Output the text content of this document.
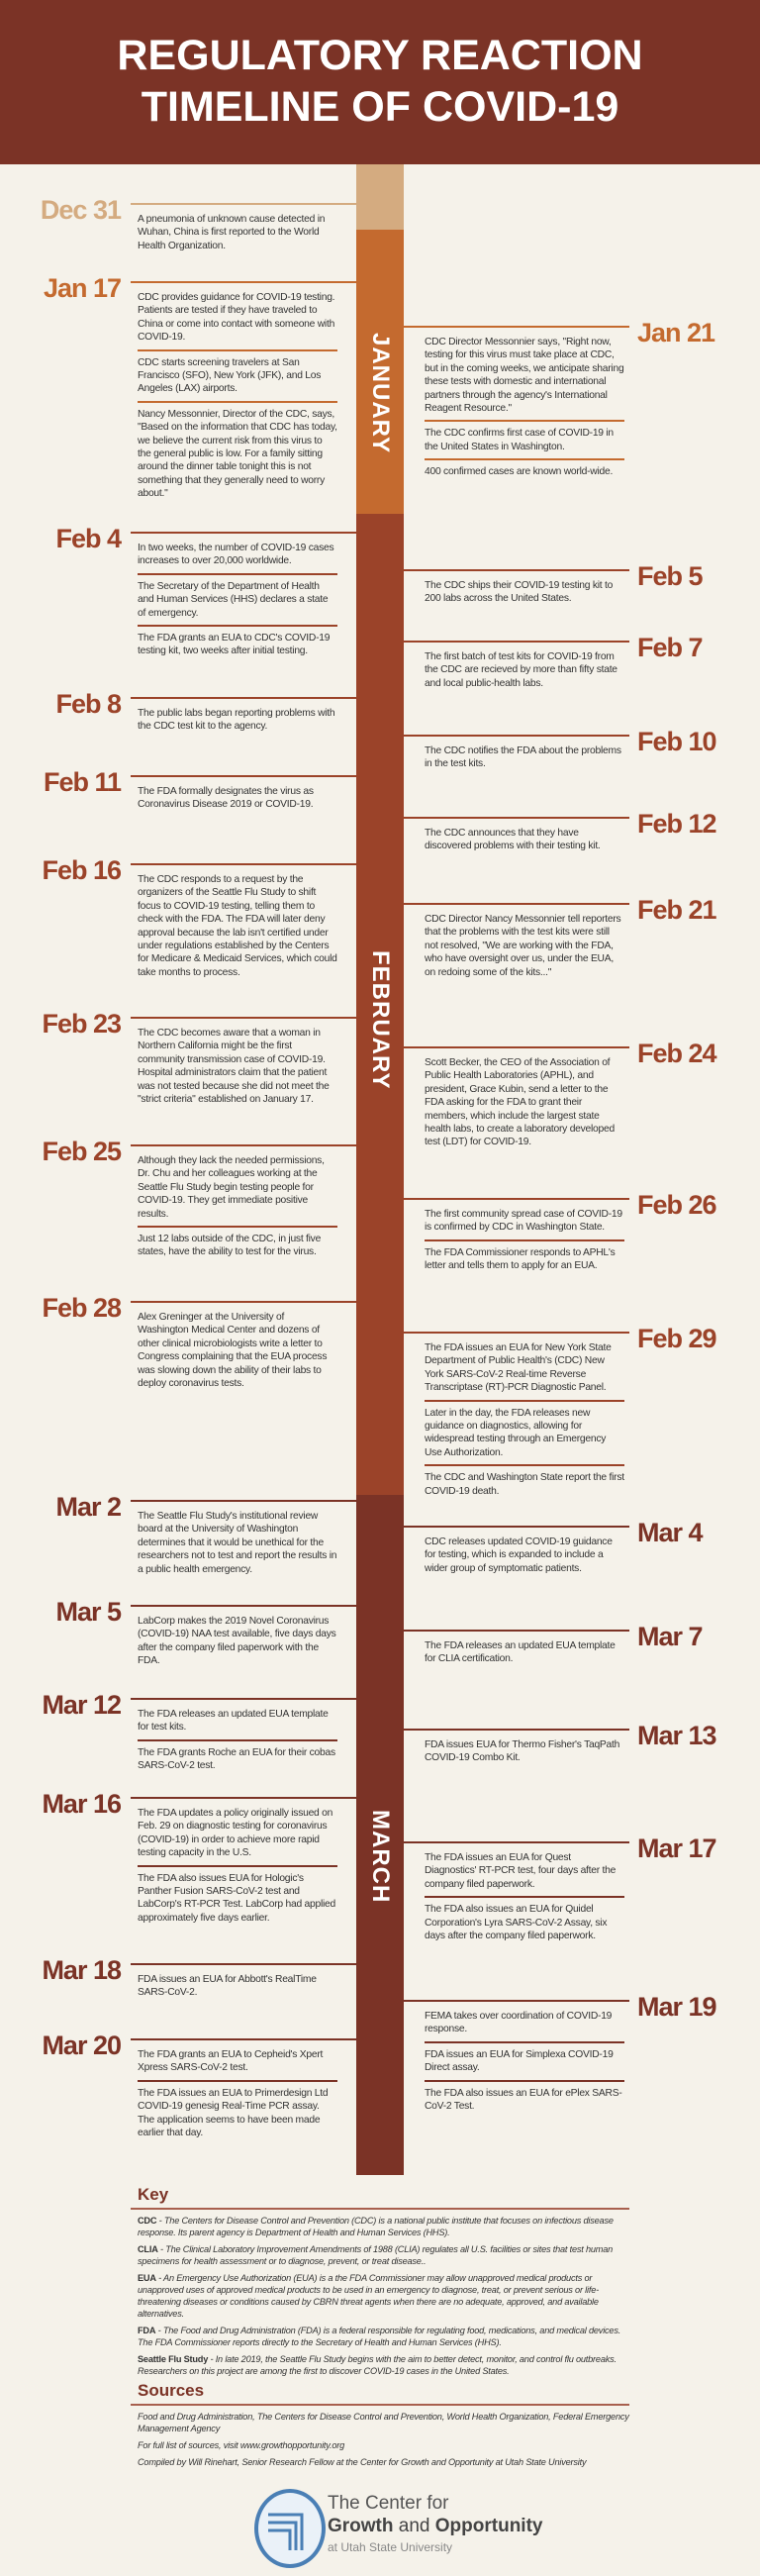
REGULATORY REACTION
TIMELINE OF COVID-19
JANUARY
FEBRUARY
MARCH
Dec 31 A pneumonia of unknown cause detected in Wuhan, China is first reported to the World Health Organization.
Jan 17 CDC provides guidance for COVID-19 testing. Patients are tested if they have traveled to China or come into contact with someone with COVID-19.
CDC starts screening travelers at San Francisco (SFO), New York (JFK), and Los Angeles (LAX) airports.
Nancy Messonnier, Director of the CDC, says, "Based on the information that CDC has today, we believe the current risk from this virus to the general public is low. For a family sitting around the dinner table tonight this is not something that they generally need to worry about."
Jan 21
CDC Director Messonnier says, "Right now, testing for this virus must take place at CDC, but in the coming weeks, we anticipate sharing these tests with domestic and international partners through the agency's International Reagent Resource."
The CDC confirms first case of COVID-19 in the United States in Washington.
400 confirmed cases are known world-wide.
Feb 4 In two weeks, the number of COVID-19 cases increases to over 20,000 worldwide.
The Secretary of the Department of Health and Human Services (HHS) declares a state of emergency.
The FDA grants an EUA to CDC's COVID-19 testing kit, two weeks after initial testing.
Feb 5
The CDC ships their COVID-19 testing kit to 200 labs across the United States.
Feb 7
The first batch of test kits for COVID-19 from the CDC are recieved by more than fifty state and local public-health labs.
Feb 8 The public labs began reporting problems with the CDC test kit to the agency.
Feb 10
The CDC notifies the FDA about the problems in the test kits.
Feb 11 The FDA formally designates the virus as Coronavirus Disease 2019 or COVID-19.
Feb 12
The CDC announces that they have discovered problems with their testing kit.
Feb 16 The CDC responds to a request by the organizers of the Seattle Flu Study to shift focus to COVID-19 testing, telling them to check with the FDA. The FDA will later deny approval because the lab isn't certified under under regulations established by the Centers for Medicare & Medicaid Services, which could take months to process.
Feb 21
CDC Director Nancy Messonnier tell reporters that the problems with the test kits were still not resolved, "We are working with the FDA, who have oversight over us, under the EUA, on redoing some of the kits..."
Feb 23 The CDC becomes aware that a woman in Northern California might be the first community transmission case of COVID-19. Hospital administrators claim that the patient was not tested because she did not meet the "strict criteria" established on January 17.
Feb 24
Scott Becker, the CEO of the Association of Public Health Laboratories (APHL), and president, Grace Kubin, send a letter to the FDA asking for the FDA to grant their members, which include the largest state health labs, to create a laboratory developed test (LDT) for COVID-19.
Feb 25 Although they lack the needed permissions, Dr. Chu and her colleagues working at the Seattle Flu Study begin testing people for COVID-19. They get immediate positive results.
Just 12 labs outside of the CDC, in just five states, have the ability to test for the virus.
Feb 26
The first community spread case of COVID-19 is confirmed by CDC in Washington State.
The FDA Commissioner responds to APHL's letter and tells them to apply for an EUA.
Feb 28 Alex Greninger at the University of Washington Medical Center and dozens of other clinical microbiologists write a letter to Congress complaining that the EUA process was slowing down the ability of their labs to deploy coronavirus tests.
Feb 29
The FDA issues an EUA for New York State Department of Public Health's (CDC) New York SARS-CoV-2 Real-time Reverse Transcriptase (RT)-PCR Diagnostic Panel.
Later in the day, the FDA releases new guidance on diagnostics, allowing for widespread testing through an Emergency Use Authorization.
The CDC and Washington State report the first COVID-19 death.
Mar 2 The Seattle Flu Study's institutional review board at the University of Washington determines that it would be unethical for the researchers not to test and report the results in a public health emergency.
Mar 4
CDC releases updated COVID-19 guidance for testing, which is expanded to include a wider group of symptomatic patients.
Mar 5 LabCorp makes the 2019 Novel Coronavirus (COVID-19) NAA test available, five days days after the company filed paperwork with the FDA.
Mar 7
The FDA releases an updated EUA template for CLIA certification.
Mar 12 The FDA releases an updated EUA template for test kits.
The FDA grants Roche an EUA for their cobas SARS-CoV-2 test.
Mar 13
FDA issues EUA for Thermo Fisher's TaqPath COVID-19 Combo Kit.
Mar 16 The FDA updates a policy originally issued on Feb. 29 on diagnostic testing for coronavirus (COVID-19) in order to achieve more rapid testing capacity in the U.S.
The FDA also issues EUA for Hologic's Panther Fusion SARS-CoV-2 test and LabCorp's RT-PCR Test. LabCorp had applied approximately five days earlier.
Mar 17
The FDA issues an EUA for Quest Diagnostics' RT-PCR test, four days after the company filed paperwork.
The FDA also issues an EUA for Quidel Corporation's Lyra SARS-CoV-2 Assay, six days after the company filed paperwork.
Mar 18 FDA issues an EUA for Abbott's RealTime SARS-CoV-2.	Mar 19
FEMA takes over coordination of COVID-19 response.
FDA issues an EUA for Simplexa COVID-19 Direct assay.
The FDA also issues an EUA for ePlex SARS-CoV-2 Test.
Mar 20 The FDA grants an EUA to Cepheid's Xpert Xpress SARS-CoV-2 test.
The FDA issues an EUA to Primerdesign Ltd COVID-19 genesig Real-Time PCR assay. The application seems to have been made earlier that day.
Key

CDC - The Centers for Disease Control and Prevention (CDC) is a national public institute that focuses on infectious disease response. Its parent agency is Department of Health and Human Services (HHS).

CLIA - The Clinical Laboratory Improvement Amendments of 1988 (CLIA) regulates all U.S. facilities or sites that test human specimens for health assessment or to diagnose, prevent, or treat disease..

EUA - An Emergency Use Authorization (EUA) is a the FDA Commissioner may allow unapproved medical products or unapproved uses of approved medical products to be used in an emergency to diagnose, treat, or prevent serious or life-threatening diseases or conditions caused by CBRN threat agents when there are no adequate, approved, and available alternatives.

FDA - The Food and Drug Administration (FDA) is a federal responsible for regulating food, medications, and medical devices. The FDA Commissioner reports directly to the Secretary of Health and Human Services (HHS).

Seattle Flu Study - In late 2019, the Seattle Flu Study begins with the aim to better detect, monitor, and control flu outbreaks. Researchers on this project are among the first to discover COVID-19 cases in the United States.

Sources

Food and Drug Administration, The Centers for Disease Control and Prevention, World Health Organization, Federal Emergency Management Agency

For full list of sources, visit www.growthopportunity.org

Compiled by Will Rinehart, Senior Research Fellow at the Center for Growth and Opportunity at Utah State University

The Center for
Growth and Opportunity
at Utah State University
